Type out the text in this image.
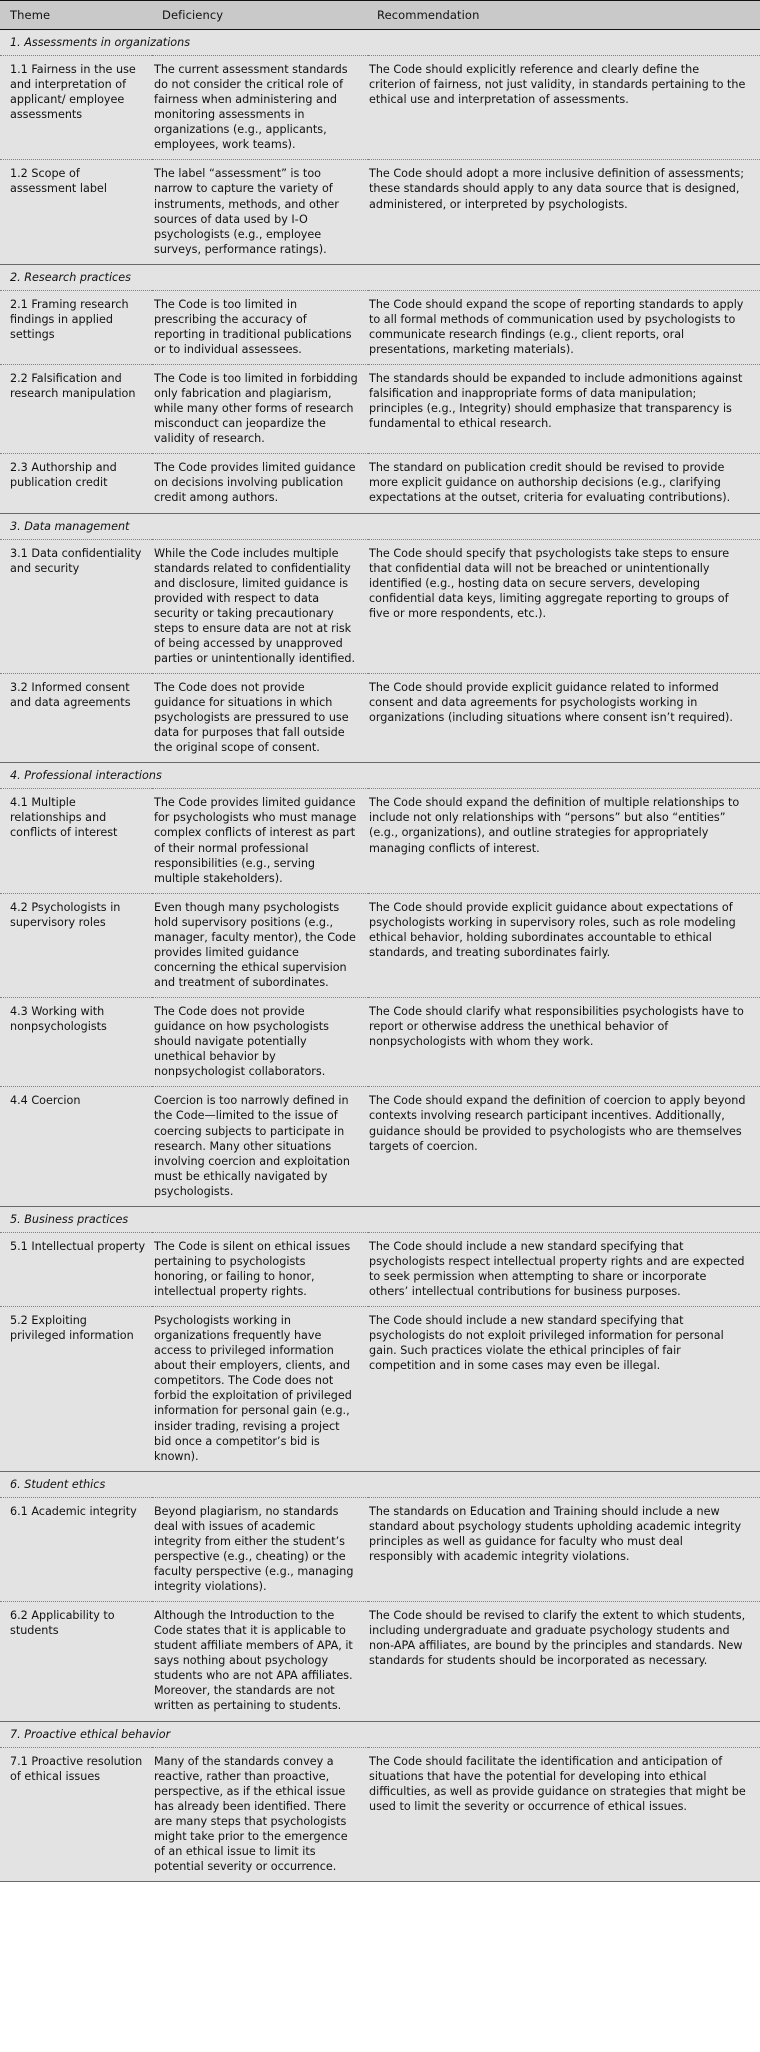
Theme	Deficiency	Recommendation
1. Assessments in organizations		
1.1 Fairness in the use and interpretation of applicant/ employee assessments	The current assessment standards do not consider the critical role of fairness when administering and monitoring assessments in organizations (e.g., applicants, employees, work teams).	The Code should explicitly reference and clearly define the criterion of fairness, not just validity, in standards pertaining to the ethical use and interpretation of assessments.
1.2 Scope of assessment label	The label “assessment” is too narrow to capture the variety of instruments, methods, and other sources of data used by I-O psychologists (e.g., employee surveys, performance ratings).	The Code should adopt a more inclusive definition of assessments; these standards should apply to any data source that is designed, administered, or interpreted by psychologists.
2. Research practices		
2.1 Framing research findings in applied settings	The Code is too limited in prescribing the accuracy of reporting in traditional publications or to individual assessees.	The Code should expand the scope of reporting standards to apply to all formal methods of communication used by psychologists to communicate research findings (e.g., client reports, oral presentations, marketing materials).
2.2 Falsification and research manipulation	The Code is too limited in forbidding only fabrication and plagiarism, while many other forms of research misconduct can jeopardize the validity of research.	The standards should be expanded to include admonitions against falsification and inappropriate forms of data manipulation; principles (e.g., Integrity) should emphasize that transparency is fundamental to ethical research.
2.3 Authorship and publication credit	The Code provides limited guidance on decisions involving publication credit among authors.	The standard on publication credit should be revised to provide more explicit guidance on authorship decisions (e.g., clarifying expectations at the outset, criteria for evaluating contributions).
3. Data management		
3.1 Data confidentiality and security	While the Code includes multiple standards related to confidentiality and disclosure, limited guidance is provided with respect to data security or taking precautionary steps to ensure data are not at risk of being accessed by unapproved parties or unintentionally identified.	The Code should specify that psychologists take steps to ensure that confidential data will not be breached or unintentionally identified (e.g., hosting data on secure servers, developing confidential data keys, limiting aggregate reporting to groups of five or more respondents, etc.).
3.2 Informed consent and data agreements	The Code does not provide guidance for situations in which psychologists are pressured to use data for purposes that fall outside the original scope of consent.	The Code should provide explicit guidance related to informed consent and data agreements for psychologists working in organizations (including situations where consent isn’t required).
4. Professional interactions		
4.1 Multiple relationships and conflicts of interest	The Code provides limited guidance for psychologists who must manage complex conflicts of interest as part of their normal professional responsibilities (e.g., serving multiple stakeholders).	The Code should expand the definition of multiple relationships to include not only relationships with “persons” but also “entities” (e.g., organizations), and outline strategies for appropriately managing conflicts of interest.
4.2 Psychologists in supervisory roles	Even though many psychologists hold supervisory positions (e.g., manager, faculty mentor), the Code provides limited guidance concerning the ethical supervision and treatment of subordinates.	The Code should provide explicit guidance about expectations of psychologists working in supervisory roles, such as role modeling ethical behavior, holding subordinates accountable to ethical standards, and treating subordinates fairly.
4.3 Working with nonpsychologists	The Code does not provide guidance on how psychologists should navigate potentially unethical behavior by nonpsychologist collaborators.	The Code should clarify what responsibilities psychologists have to report or otherwise address the unethical behavior of nonpsychologists with whom they work.
4.4 Coercion	Coercion is too narrowly defined in the Code—limited to the issue of coercing subjects to participate in research. Many other situations involving coercion and exploitation must be ethically navigated by psychologists.	The Code should expand the definition of coercion to apply beyond contexts involving research participant incentives. Additionally, guidance should be provided to psychologists who are themselves targets of coercion.
5. Business practices		
5.1 Intellectual property	The Code is silent on ethical issues pertaining to psychologists honoring, or failing to honor, intellectual property rights.	The Code should include a new standard specifying that psychologists respect intellectual property rights and are expected to seek permission when attempting to share or incorporate others’ intellectual contributions for business purposes.
5.2 Exploiting privileged information	Psychologists working in organizations frequently have access to privileged information about their employers, clients, and competitors. The Code does not forbid the exploitation of privileged information for personal gain (e.g., insider trading, revising a project bid once a competitor’s bid is known).	The Code should include a new standard specifying that psychologists do not exploit privileged information for personal gain. Such practices violate the ethical principles of fair competition and in some cases may even be illegal.
6. Student ethics		
6.1 Academic integrity	Beyond plagiarism, no standards deal with issues of academic integrity from either the student’s perspective (e.g., cheating) or the faculty perspective (e.g., managing integrity violations).	The standards on Education and Training should include a new standard about psychology students upholding academic integrity principles as well as guidance for faculty who must deal responsibly with academic integrity violations.
6.2 Applicability to students	Although the Introduction to the Code states that it is applicable to student affiliate members of APA, it says nothing about psychology students who are not APA affiliates. Moreover, the standards are not written as pertaining to students.	The Code should be revised to clarify the extent to which students, including undergraduate and graduate psychology students and non-APA affiliates, are bound by the principles and standards. New standards for students should be incorporated as necessary.
7. Proactive ethical behavior		
7.1 Proactive resolution of ethical issues	Many of the standards convey a reactive, rather than proactive, perspective, as if the ethical issue has already been identified. There are many steps that psychologists might take prior to the emergence of an ethical issue to limit its potential severity or occurrence.	The Code should facilitate the identification and anticipation of situations that have the potential for developing into ethical difficulties, as well as provide guidance on strategies that might be used to limit the severity or occurrence of ethical issues.
